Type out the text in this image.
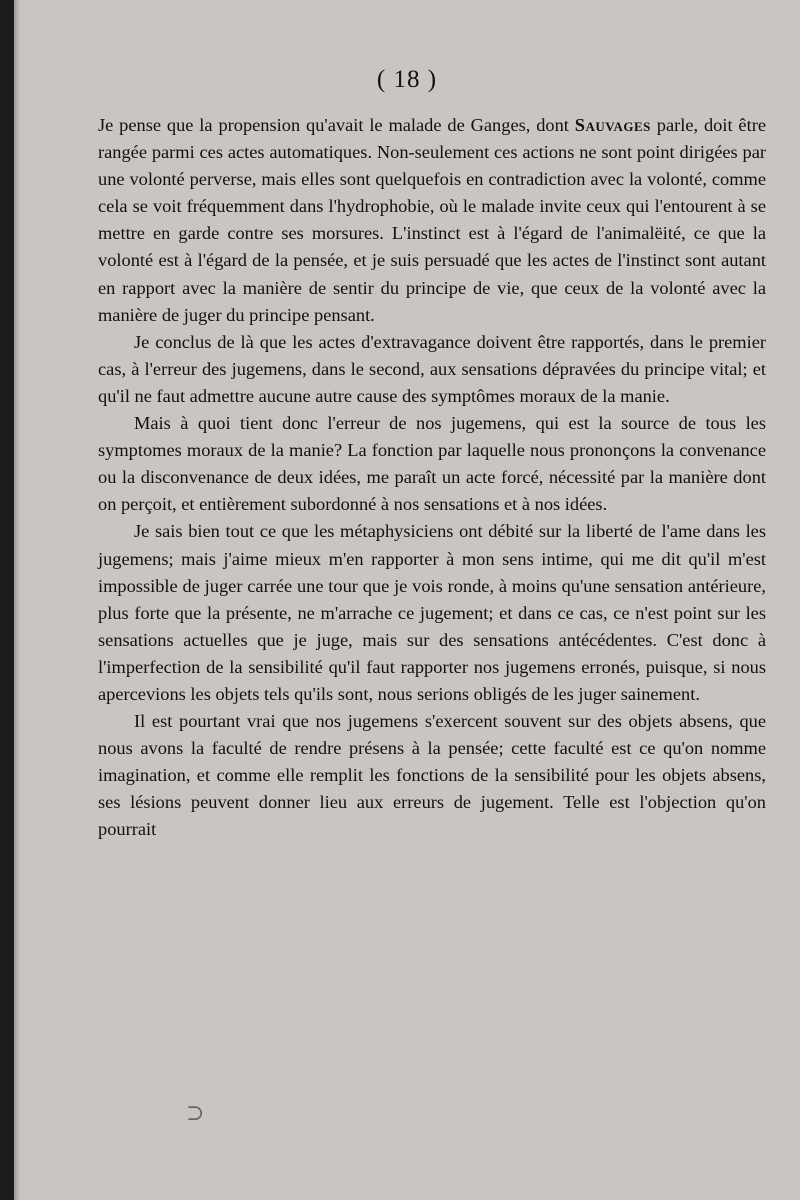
( 18 )

Je pense que la propension qu'avait le malade de Ganges, dont Sauvages parle, doit être rangée parmi ces actes automatiques. Non-seulement ces actions ne sont point dirigées par une volonté perverse, mais elles sont quelquefois en contradiction avec la volonté, comme cela se voit fréquemment dans l'hydrophobie, où le malade invite ceux qui l'entourent à se mettre en garde contre ses morsures. L'instinct est à l'égard de l'animalëité, ce que la volonté est à l'égard de la pensée, et je suis persuadé que les actes de l'instinct sont autant en rapport avec la manière de sentir du principe de vie, que ceux de la volonté avec la manière de juger du principe pensant.

Je conclus de là que les actes d'extravagance doivent être rapportés, dans le premier cas, à l'erreur des jugemens, dans le second, aux sensations dépravées du principe vital; et qu'il ne faut admettre aucune autre cause des symptômes moraux de la manie.

Mais à quoi tient donc l'erreur de nos jugemens, qui est la source de tous les symptomes moraux de la manie? La fonction par laquelle nous prononçons la convenance ou la disconvenance de deux idées, me paraît un acte forcé, nécessité par la manière dont on perçoit, et entièrement subordonné à nos sensations et à nos idées.

Je sais bien tout ce que les métaphysiciens ont débité sur la liberté de l'ame dans les jugemens; mais j'aime mieux m'en rapporter à mon sens intime, qui me dit qu'il m'est impossible de juger carrée une tour que je vois ronde, à moins qu'une sensation antérieure, plus forte que la présente, ne m'arrache ce jugement; et dans ce cas, ce n'est point sur les sensations actuelles que je juge, mais sur des sensations antécédentes. C'est donc à l'imperfection de la sensibilité qu'il faut rapporter nos jugemens erronés, puisque, si nous apercevions les objets tels qu'ils sont, nous serions obligés de les juger sainement.

Il est pourtant vrai que nos jugemens s'exercent souvent sur des objets absens, que nous avons la faculté de rendre présens à la pensée; cette faculté est ce qu'on nomme imagination, et comme elle remplit les fonctions de la sensibilité pour les objets absens, ses lésions peuvent donner lieu aux erreurs de jugement. Telle est l'objection qu'on pourrait

⊃
